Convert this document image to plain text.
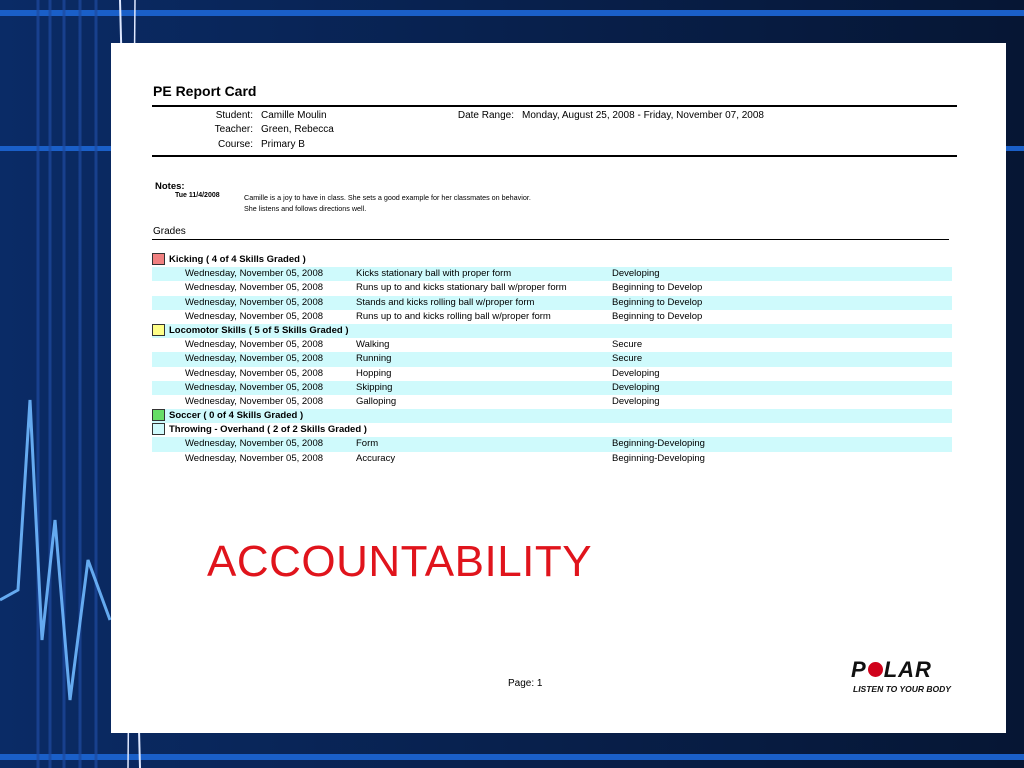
PE Report Card
Student: Camille Moulin
Teacher: Green, Rebecca
Course: Primary B
Date Range: Monday, August 25, 2008 - Friday, November 07, 2008
Notes:
Tue 11/4/2008	Camille is a joy to have in class. She sets a good example for her classmates on behavior. She listens and follows directions well.
Grades
Kicking ( 4 of 4 Skills Graded )
Wednesday, November 05, 2008	Kicks stationary ball with proper form	Developing
Wednesday, November 05, 2008	Runs up to and kicks stationary ball w/proper form	Beginning to Develop
Wednesday, November 05, 2008	Stands and kicks rolling ball w/proper form	Beginning to Develop
Wednesday, November 05, 2008	Runs up to and kicks rolling ball w/proper form	Beginning to Develop
Locomotor Skills ( 5 of 5 Skills Graded )
Wednesday, November 05, 2008	Walking	Secure
Wednesday, November 05, 2008	Running	Secure
Wednesday, November 05, 2008	Hopping	Developing
Wednesday, November 05, 2008	Skipping	Developing
Wednesday, November 05, 2008	Galloping	Developing
Soccer ( 0 of 4 Skills Graded )
Throwing - Overhand ( 2 of 2 Skills Graded )
Wednesday, November 05, 2008	Form	Beginning-Developing
Wednesday, November 05, 2008	Accuracy	Beginning-Developing
ACCOUNTABILITY
Page: 1
P LAR
LISTEN TO YOUR BODY
